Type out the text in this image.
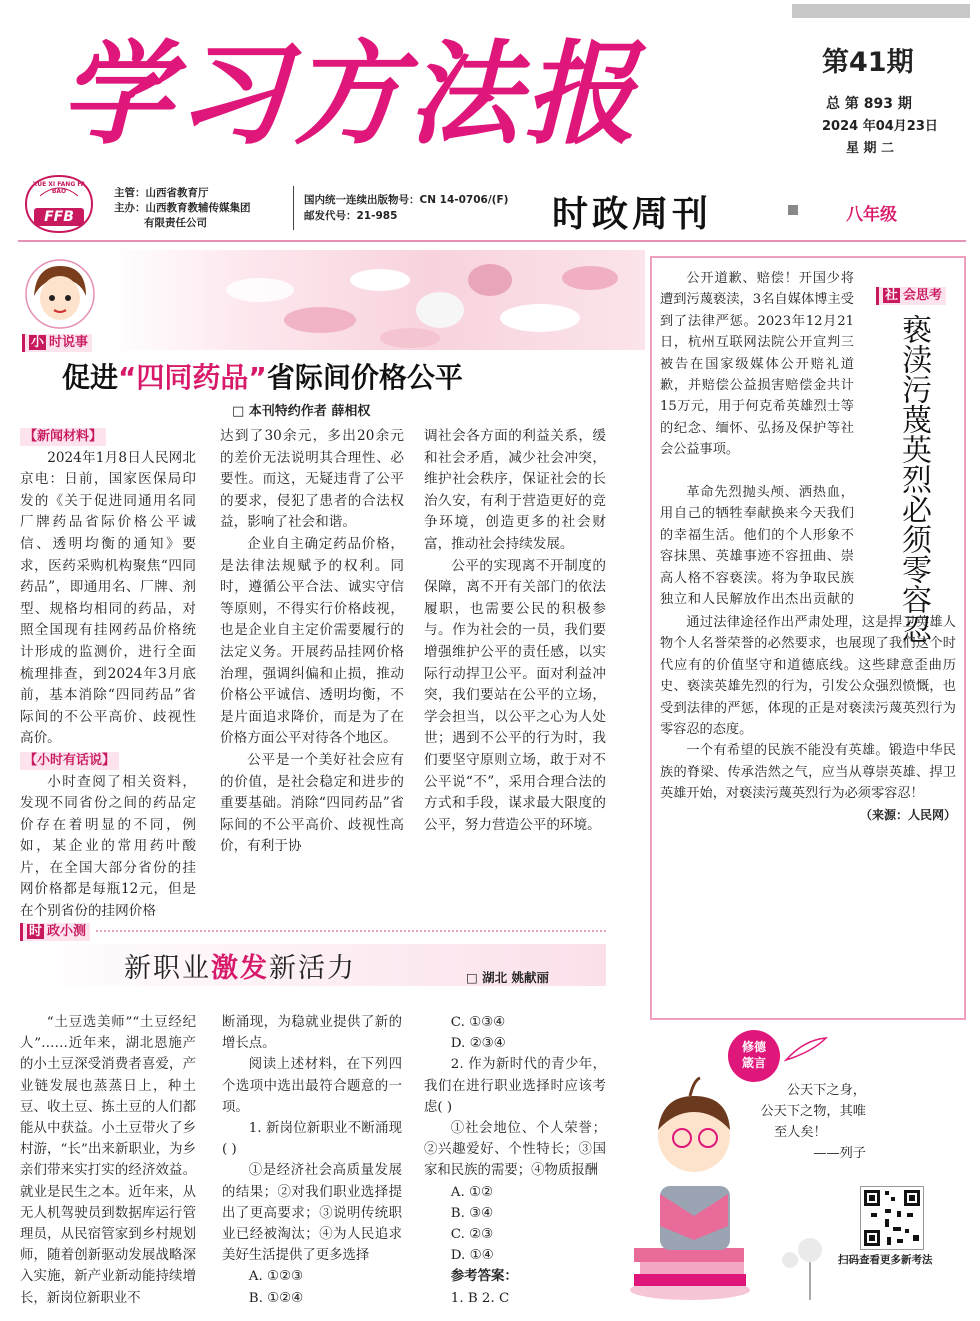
学习方法报	第41期
总 第 893 期
2024 年04月23日
星 期 二
XUE XI FANG FA BAO
FFB
主管：山西省教育厅
主办：山西教育教辅传媒集团
有限责任公司
国内统一连续出版物号：CN 14-0706/(F)
邮发代号：21-985	时政周刊	八年级
小 时说事
促进“四同药品”省际间价格公平
□ 本刊特约作者 薛相权
【新闻材料】

2024年1月8日人民网北京电：日前，国家医保局印发的《关于促进同通用名同厂牌药品省际价格公平诚信、透明均衡的通知》要求，医药采购机构聚焦“四同药品”，即通用名、厂牌、剂型、规格均相同的药品，对照全国现有挂网药品价格统计形成的监测价，进行全面梳理排查，到2024年3月底前，基本消除“四同药品”省际间的不公平高价、歧视性高价。

【小时有话说】

小时查阅了相关资料，发现不同省份之间的药品定价存在着明显的不同，例如，某企业的常用药叶酸片，在全国大部分省份的挂网价格都是每瓶12元，但是在个别省份的挂网价格

达到了30余元，多出20余元的差价无法说明其合理性、必要性。而这，无疑违背了公平的要求，侵犯了患者的合法权益，影响了社会和谐。

企业自主确定药品价格，是法律法规赋予的权利。同时，遵循公平合法、诚实守信等原则，不得实行价格歧视，也是企业自主定价需要履行的法定义务。开展药品挂网价格治理，强调纠偏和止损，推动价格公平诚信、透明均衡，不是片面追求降价，而是为了在价格方面公平对待各个地区。

公平是一个美好社会应有的价值，是社会稳定和进步的重要基础。消除“四同药品”省际间的不公平高价、歧视性高价，有利于协

调社会各方面的利益关系，缓和社会矛盾，减少社会冲突，维护社会秩序，保证社会的长治久安，有利于营造更好的竞争环境，创造更多的社会财富，推动社会持续发展。

公平的实现离不开制度的保障，离不开有关部门的依法履职，也需要公民的积极参与。作为社会的一员，我们要增强维护公平的责任感，以实际行动捍卫公平。面对利益冲突，我们要站在公平的立场，学会担当，以公平之心为人处世；遇到不公平的行为时，我们要坚守原则立场，敢于对不公平说“不”，采用合理合法的方式和手段，谋求最大限度的公平，努力营造公平的环境。

公开道歉、赔偿！开国少将遭到污蔑亵渎，3名自媒体博主受到了法律严惩。2023年12月21日，杭州互联网法院公开宣判三被告在国家级媒体公开赔礼道歉，并赔偿公益损害赔偿金共计15万元，用于何克希英雄烈士等的纪念、缅怀、弘扬及保护等社会公益事项。

社 会思考
亵渎污蔑英烈必须零容忍

革命先烈抛头颅、洒热血，用自己的牺牲奉献换来今天我们的幸福生活。他们的个人形象不容抹黑、英雄事迹不容扭曲、崇高人格不容亵渎。将为争取民族独立和人民解放作出杰出贡献的

通过法律途径作出严肃处理，这是捍卫英雄人物个人名誉荣誉的必然要求，也展现了我们这个时代应有的价值坚守和道德底线。这些肆意歪曲历史、亵渎英雄先烈的行为，引发公众强烈愤慨，也受到法律的严惩，体现的正是对亵渎污蔑英烈行为零容忍的态度。

一个有希望的民族不能没有英雄。锻造中华民族的脊梁、传承浩然之气，应当从尊崇英雄、捍卫英雄开始，对亵渎污蔑英烈行为必须零容忍！

（来源：人民网）
时 政小测
新职业激发新活力	□ 湖北 姚献丽

“土豆选美师”“土豆经纪人”……近年来，湖北恩施产的小土豆深受消费者喜爱，产业链发展也蒸蒸日上，种土豆、收土豆、拣土豆的人们都能从中获益。小土豆带火了乡村游，“长”出来新职业，为乡亲们带来实打实的经济效益。就业是民生之本。近年来，从无人机驾驶员到数据库运行管理员，从民宿管家到乡村规划师，随着创新驱动发展战略深入实施，新产业新动能持续增长，新岗位新职业不

断涌现，为稳就业提供了新的增长点。

阅读上述材料，在下列四个选项中选出最符合题意的一项。

1. 新岗位新职业不断涌现( )

①是经济社会高质量发展的结果；②对我们职业选择提出了更高要求；③说明传统职业已经被淘汰；④为人民追求美好生活提供了更多选择

A. ①②③

B. ①②④

C. ①③④

D. ②③④

2. 作为新时代的青少年，我们在进行职业选择时应该考虑( )

①社会地位、个人荣誉；②兴趣爱好、个性特长；③国家和民族的需要；④物质报酬

A. ①②

B. ③④

C. ②③

D. ①④

参考答案：

1. B 2. C

修德
箴言
公天下之身，
公天下之物，其唯
至人矣！
——列子
扫码查看更多新考法
